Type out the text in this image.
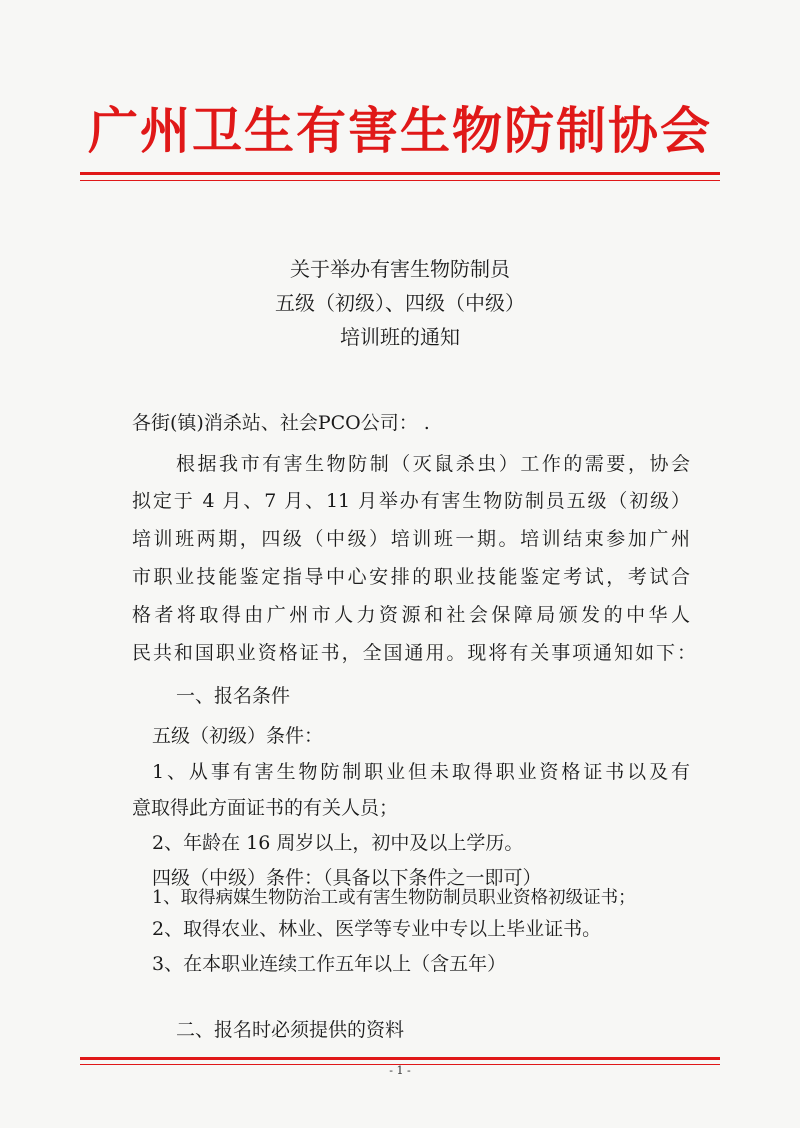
广州卫生有害生物防制协会
关于举办有害生物防制员
五级（初级）、四级（中级）
培训班的通知
各街(镇)消杀站、社会PCO公司： .
根据我市有害生物防制（灭鼠杀虫）工作的需要，协会
拟定于 4 月、7 月、11 月举办有害生物防制员五级（初级）
培训班两期，四级（中级）培训班一期。培训结束参加广州
市职业技能鉴定指导中心安排的职业技能鉴定考试，考试合
格者将取得由广州市人力资源和社会保障局颁发的中华人
民共和国职业资格证书，全国通用。现将有关事项通知如下：
一、报名条件
五级（初级）条件：
1、从事有害生物防制职业但未取得职业资格证书以及有
意取得此方面证书的有关人员；
2、年龄在 16 周岁以上，初中及以上学历。
四级（中级）条件：（具备以下条件之一即可）
1、取得病媒生物防治工或有害生物防制员职业资格初级证书；
2、取得农业、林业、医学等专业中专以上毕业证书。
3、在本职业连续工作五年以上（含五年）
二、报名时必须提供的资料
- 1 -
